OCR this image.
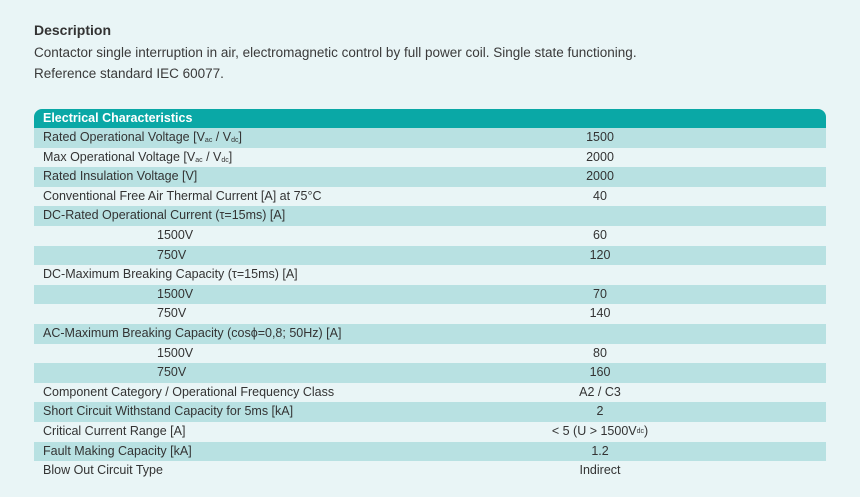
Description
Contactor single interruption in air, electromagnetic control by full power coil. Single state functioning.
Reference standard IEC 60077.
Electrical Characteristics
Rated Operational Voltage $[V_{ac} / V_{dc}]$	1500
Max Operational Voltage $[V_{ac} / V_{dc}]$	2000
Rated Insulation Voltage [V]	2000
Conventional Free Air Thermal Current [A] at 75°C	40
DC-Rated Operational Current (τ=15ms) [A]
1500V	60
750V	120
DC-Maximum Breaking Capacity (τ=15ms) [A]
1500V	70
750V	140
AC-Maximum Breaking Capacity (cosϕ=0,8; 50Hz) [A]
1500V	80
750V	160
Component Category / Operational Frequency Class	A2 / C3
Short Circuit Withstand Capacity for 5ms [kA]	2
Critical Current Range [A]	< 5 (U > 1500V dc )
Fault Making Capacity [kA]	1.2
Blow Out Circuit Type	Indirect
